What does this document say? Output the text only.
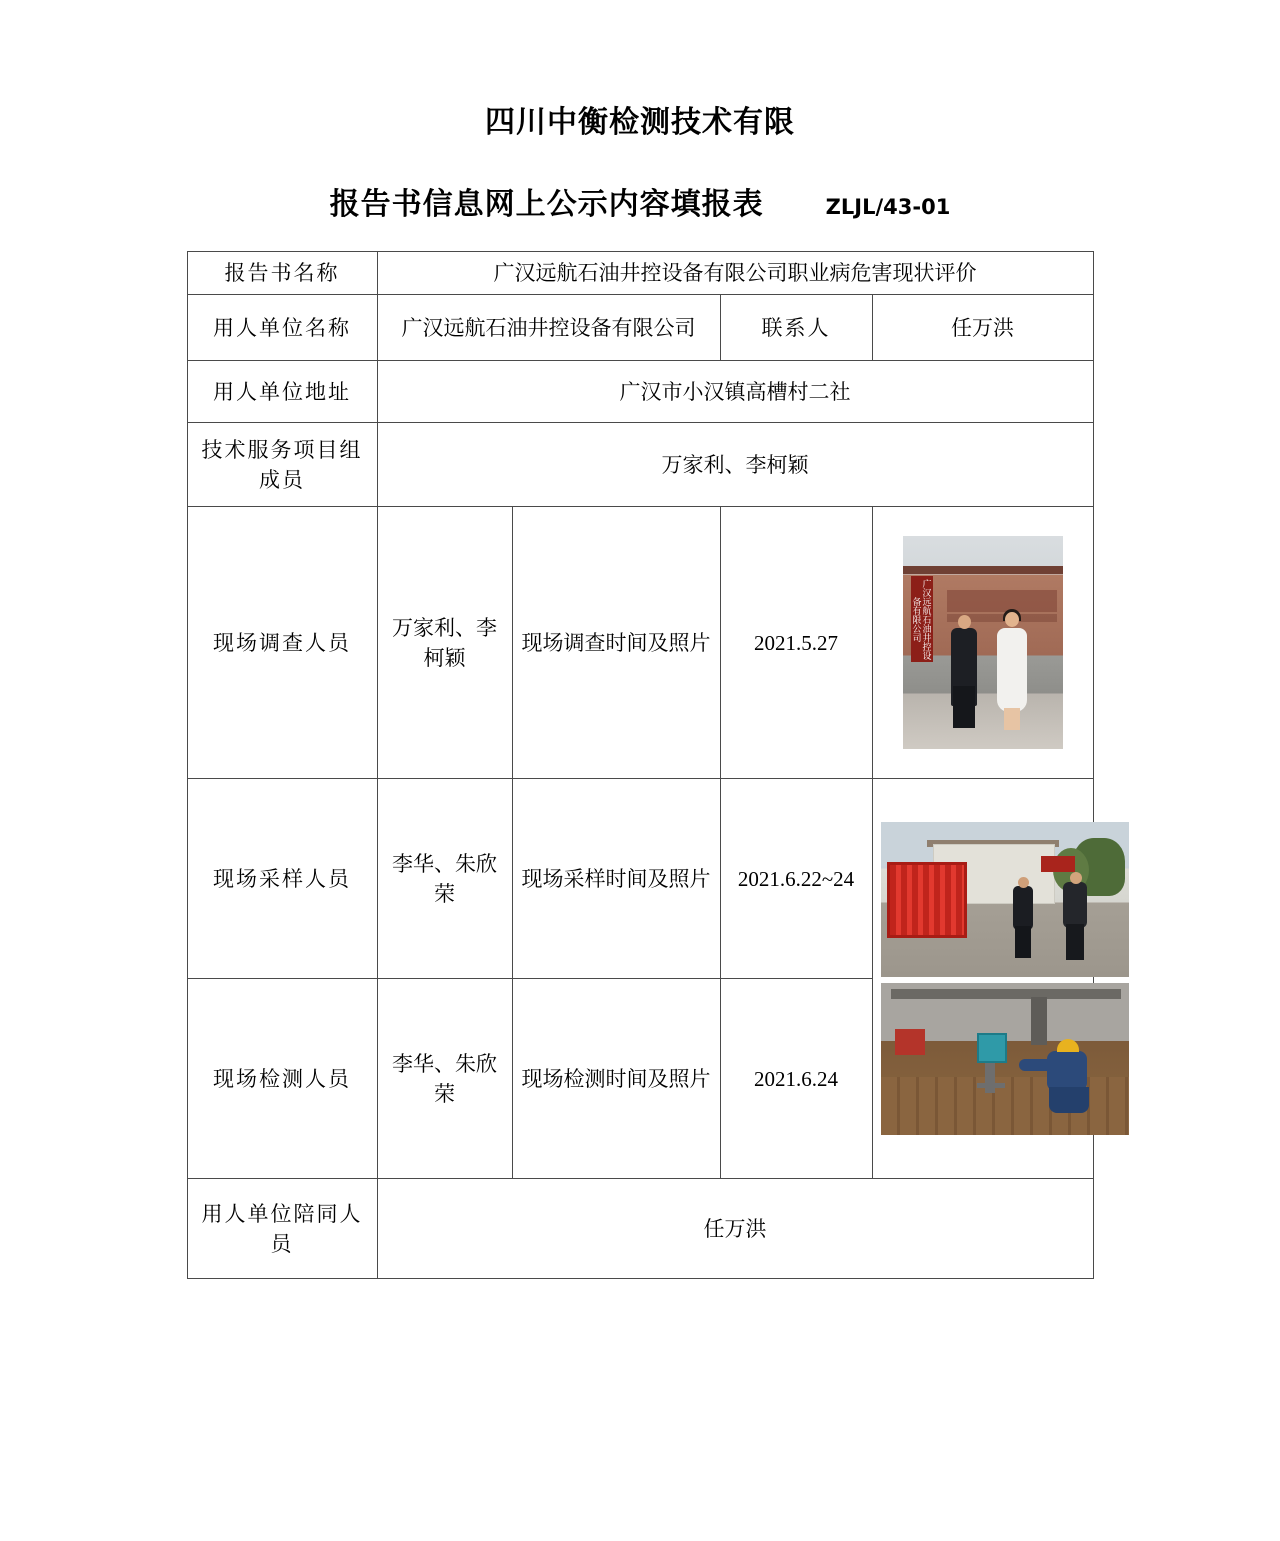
四川中衡检测技术有限
报告书信息网上公示内容填报表	ZLJL/43-01
报告书名称	广汉远航石油井控设备有限公司职业病危害现状评价			
用人单位名称	广汉远航石油井控设备有限公司		联系人	任万洪
用人单位地址	广汉市小汉镇高槽村二社			
技术服务项目组成员	万家利、李柯颖			
现场调查人员	万家利、李柯颖	现场调查时间及照片	2021.5.27	广汉远航石油井控设备有限公司

现场采样人员	李华、朱欣荣	现场采样时间及照片	2021.6.22~24	

现场检测人员	李华、朱欣荣	现场检测时间及照片	2021.6.24	
用人单位陪同人员	任万洪			
